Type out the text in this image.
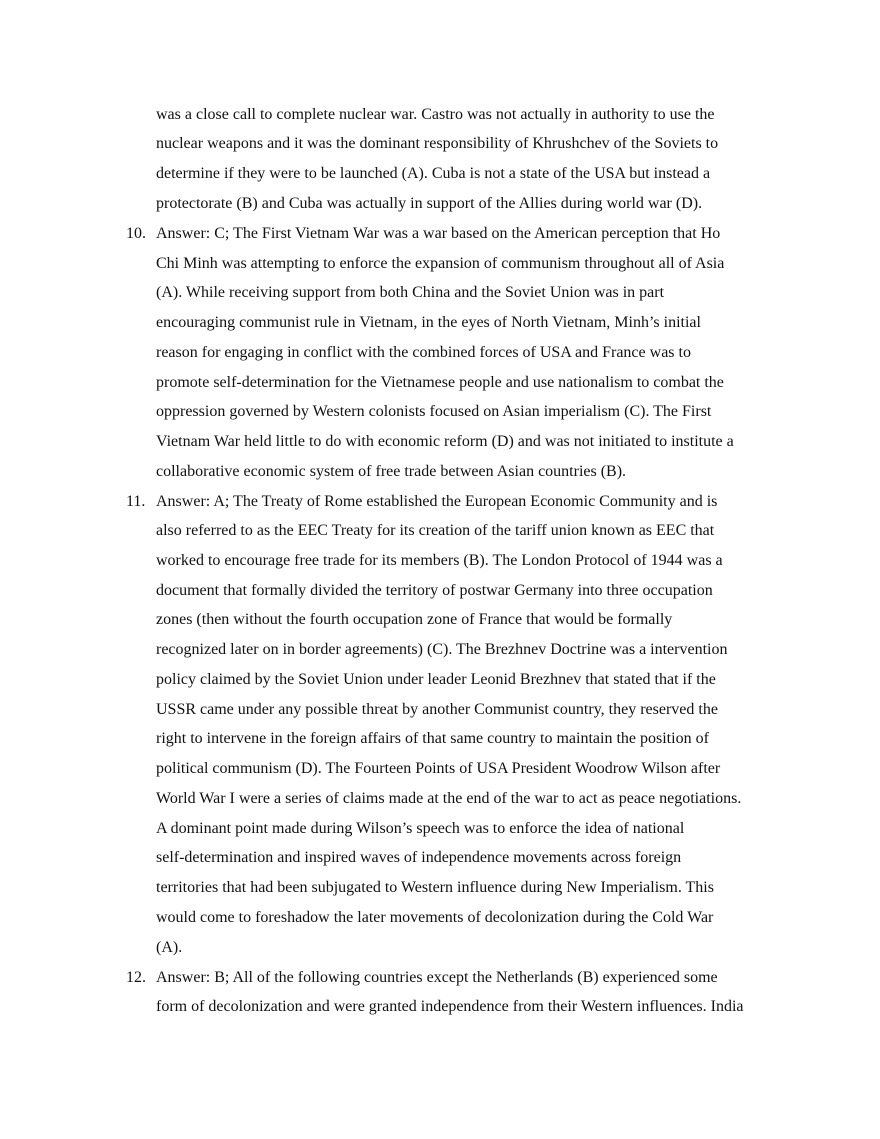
was a close call to complete nuclear war. Castro was not actually in authority to use the
nuclear weapons and it was the dominant responsibility of Khrushchev of the Soviets to
determine if they were to be launched (A). Cuba is not a state of the USA but instead a
protectorate (B) and Cuba was actually in support of the Allies during world war (D).
10. Answer: C; The First Vietnam War was a war based on the American perception that Ho
Chi Minh was attempting to enforce the expansion of communism throughout all of Asia
(A). While receiving support from both China and the Soviet Union was in part
encouraging communist rule in Vietnam, in the eyes of North Vietnam, Minh’s initial
reason for engaging in conflict with the combined forces of USA and France was to
promote self-determination for the Vietnamese people and use nationalism to combat the
oppression governed by Western colonists focused on Asian imperialism (C). The First
Vietnam War held little to do with economic reform (D) and was not initiated to institute a
collaborative economic system of free trade between Asian countries (B).
11. Answer: A; The Treaty of Rome established the European Economic Community and is
also referred to as the EEC Treaty for its creation of the tariff union known as EEC that
worked to encourage free trade for its members (B). The London Protocol of 1944 was a
document that formally divided the territory of postwar Germany into three occupation
zones (then without the fourth occupation zone of France that would be formally
recognized later on in border agreements) (C). The Brezhnev Doctrine was a intervention
policy claimed by the Soviet Union under leader Leonid Brezhnev that stated that if the
USSR came under any possible threat by another Communist country, they reserved the
right to intervene in the foreign affairs of that same country to maintain the position of
political communism (D). The Fourteen Points of USA President Woodrow Wilson after
World War I were a series of claims made at the end of the war to act as peace negotiations.
A dominant point made during Wilson’s speech was to enforce the idea of national
self-determination and inspired waves of independence movements across foreign
territories that had been subjugated to Western influence during New Imperialism. This
would come to foreshadow the later movements of decolonization during the Cold War
(A).
12. Answer: B; All of the following countries except the Netherlands (B) experienced some
form of decolonization and were granted independence from their Western influences. India
